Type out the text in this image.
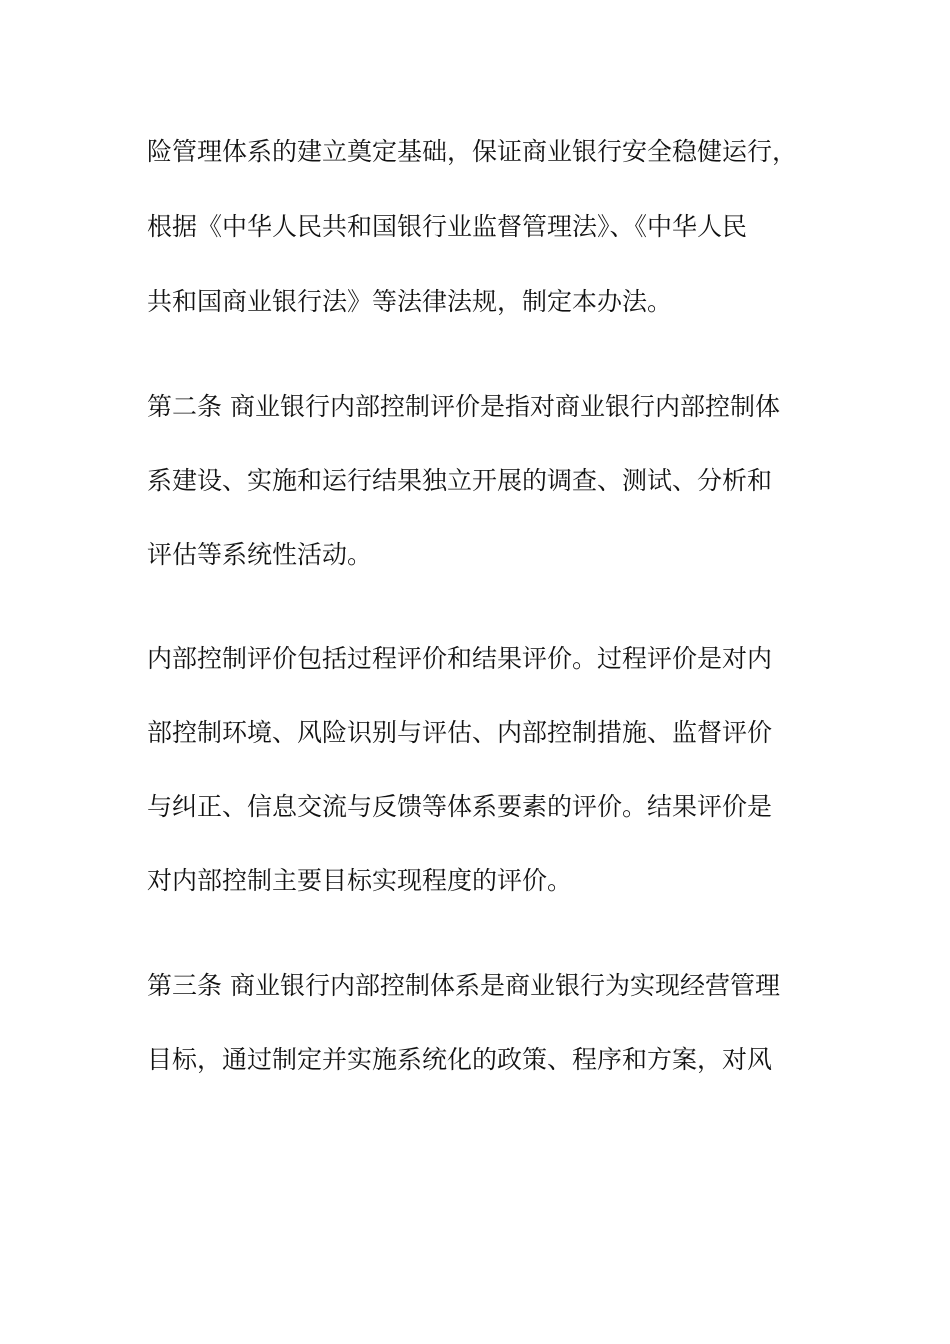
险管理体系的建立奠定基础，保证商业银行安全稳健运行，
根据《中华人民共和国银行业监督管理法》、《中华人民
共和国商业银行法》等法律法规，制定本办法。
第二条 商业银行内部控制评价是指对商业银行内部控制体
系建设、实施和运行结果独立开展的调查、测试、分析和
评估等系统性活动。
内部控制评价包括过程评价和结果评价。过程评价是对内
部控制环境、风险识别与评估、内部控制措施、监督评价
与纠正、信息交流与反馈等体系要素的评价。结果评价是
对内部控制主要目标实现程度的评价。
第三条 商业银行内部控制体系是商业银行为实现经营管理
目标，通过制定并实施系统化的政策、程序和方案，对风
